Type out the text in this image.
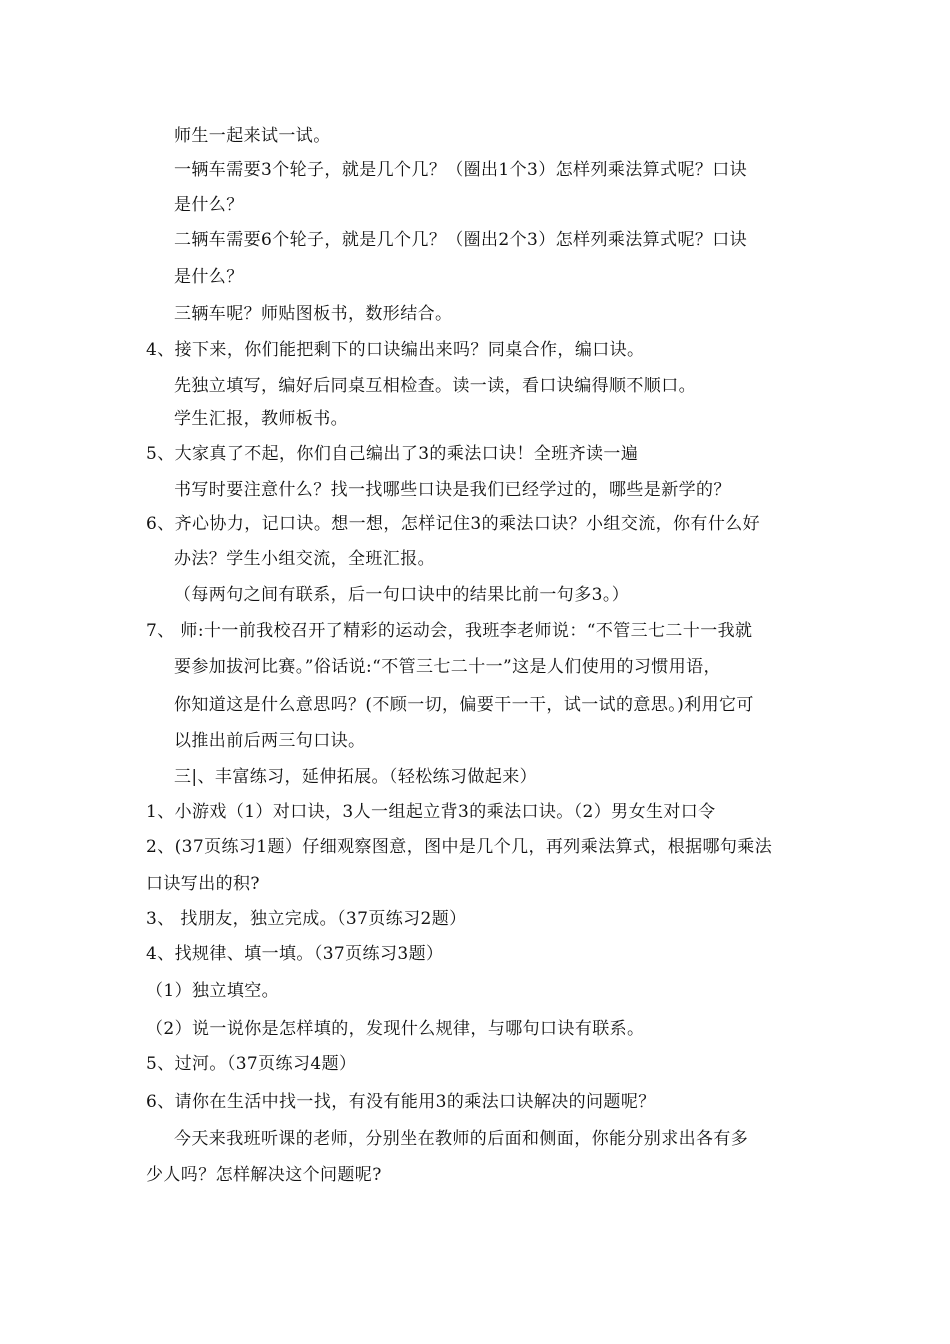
师生一起来试一试。

一辆车需要3个轮子，就是几个几？（圈出1个3）怎样列乘法算式呢？口诀

是什么？

二辆车需要6个轮子，就是几个几？（圈出2个3）怎样列乘法算式呢？口诀

是什么？

三辆车呢？师贴图板书，数形结合。

4、接下来，你们能把剩下的口诀编出来吗？同桌合作，编口诀。

先独立填写，编好后同桌互相检查。读一读，看口诀编得顺不顺口。

学生汇报，教师板书。

5、大家真了不起，你们自己编出了3的乘法口诀！全班齐读一遍

书写时要注意什么？找一找哪些口诀是我们已经学过的，哪些是新学的？

6、齐心协力，记口诀。想一想，怎样记住3的乘法口诀？小组交流，你有什么好

办法？学生小组交流，全班汇报。

（每两句之间有联系，后一句口诀中的结果比前一句多3。）

7、 师:十一前我校召开了精彩的运动会，我班李老师说：“不管三七二十一我就

要参加拔河比赛。”俗话说:“不管三七二十一”这是人们使用的习惯用语，

你知道这是什么意思吗？(不顾一切，偏要干一干，试一试的意思。)利用它可

以推出前后两三句口诀。

三|、丰富练习，延伸拓展。（轻松练习做起来）

1、小游戏（1）对口诀，3人一组起立背3的乘法口诀。（2）男女生对口令

2、(37页练习1题）仔细观察图意，图中是几个几，再列乘法算式，根据哪句乘法

口诀写出的积?

3、 找朋友，独立完成。（37页练习2题）

4、找规律、填一填。（37页练习3题）

（1）独立填空。

（2）说一说你是怎样填的，发现什么规律，与哪句口诀有联系。

5、过河。（37页练习4题）

6、请你在生活中找一找，有没有能用3的乘法口诀解决的问题呢？

今天来我班听课的老师，分别坐在教师的后面和侧面，你能分别求出各有多

少人吗？怎样解决这个问题呢?
